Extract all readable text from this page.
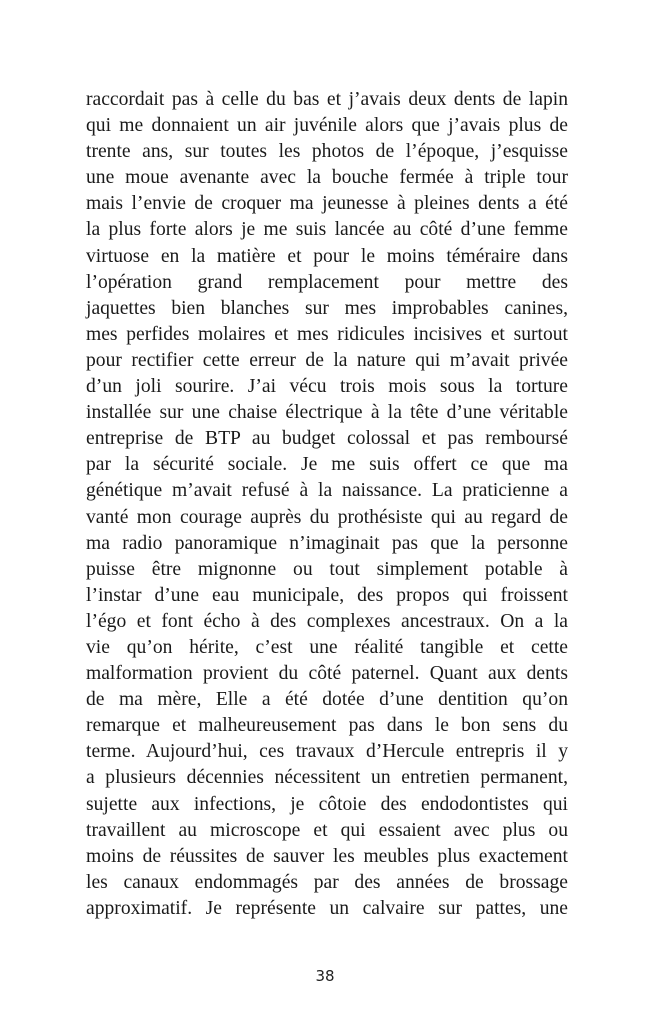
raccordait pas à celle du bas et j’avais deux dents de lapin
qui me donnaient un air juvénile alors que j’avais plus de
trente ans, sur toutes les photos de l’époque, j’esquisse
une moue avenante avec la bouche fermée à triple tour
mais l’envie de croquer ma jeunesse à pleines dents a été
la plus forte alors je me suis lancée au côté d’une femme
virtuose en la matière et pour le moins téméraire dans
l’opération grand remplacement pour mettre des
jaquettes bien blanches sur mes improbables canines,
mes perfides molaires et mes ridicules incisives et surtout
pour rectifier cette erreur de la nature qui m’avait privée
d’un joli sourire. J’ai vécu trois mois sous la torture
installée sur une chaise électrique à la tête d’une véritable
entreprise de BTP au budget colossal et pas remboursé
par la sécurité sociale. Je me suis offert ce que ma
génétique m’avait refusé à la naissance. La praticienne a
vanté mon courage auprès du prothésiste qui au regard de
ma radio panoramique n’imaginait pas que la personne
puisse être mignonne ou tout simplement potable à
l’instar d’une eau municipale, des propos qui froissent
l’égo et font écho à des complexes ancestraux. On a la
vie qu’on hérite, c’est une réalité tangible et cette
malformation provient du côté paternel. Quant aux dents
de ma mère, Elle a été dotée d’une dentition qu’on
remarque et malheureusement pas dans le bon sens du
terme. Aujourd’hui, ces travaux d’Hercule entrepris il y
a plusieurs décennies nécessitent un entretien permanent,
sujette aux infections, je côtoie des endodontistes qui
travaillent au microscope et qui essaient avec plus ou
moins de réussites de sauver les meubles plus exactement
les canaux endommagés par des années de brossage
approximatif. Je représente un calvaire sur pattes, une
38
